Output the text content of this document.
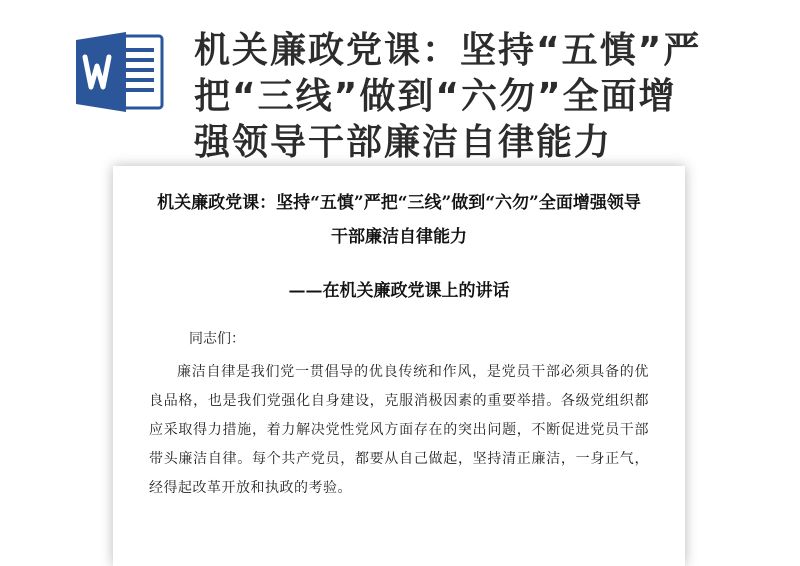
机关廉政党课：坚持“五慎”严把“三线”做到“六勿”全面增强领导干部廉洁自律能力
机关廉政党课：坚持“五慎”严把“三线”做到“六勿”全面增强领导干部廉洁自律能力
——在机关廉政党课上的讲话
同志们：
廉洁自律是我们党一贯倡导的优良传统和作风，是党员干部必须具备的优良品格，也是我们党强化自身建设，克服消极因素的重要举措。各级党组织都应采取得力措施，着力解决党性党风方面存在的突出问题，不断促进党员干部带头廉洁自律。每个共产党员，都要从自己做起，坚持清正廉洁，一身正气，经得起改革开放和执政的考验。
